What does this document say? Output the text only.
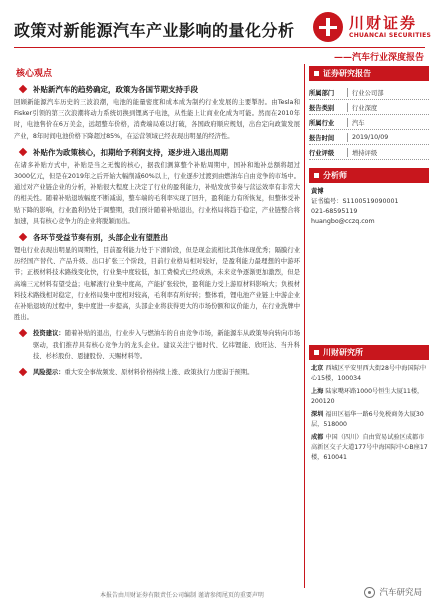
政策对新能源汽车产业影响的量化分析	川财证券
CHUANCAI SECURITIES
——汽车行业深度报告
核心观点
补贴新汽车的趋势确定，政策为各国节期支持手段

回顾新能源汽车历史的三波浪潮，电池的能量密度和成本成为制约行业发展的主要掣肘。由Tesla和Fisker引领的第三次浪潮将动力系统切换到锂离子电池，从性能上让商业化成为可能。然而在2010年时，电池售价在6万美金，远超整车价格，消费端局难以打破，各国政府顺应规划，出台定向政策发展产业，8年时间电池价格下降超过85%，在运营领域已经表现出明显的经济性。

补贴作为政策核心，扣期给予利润支持，逐步进入退出周期

在诸多补贴方式中，补贴是当之无愧的核心，据我们测算整个补贴周期中，国补和地补总额将超过3000亿元，但是在2019年之后开始大幅削减60%以上，行业逐步过渡到由燃油车自由竞争的市场中。通过对产业链企业的分析，补贴很大程度上决定了行业的盈利能力，补贴发放节奏与营运效率有非常大的相关性。随着补贴退坡幅度不断减弱，整车端的毛利率实现了回升，盈利能力有所恢复，但整体受补贴下降的影响，行业盈利仍处于调整期，我们预计随着补贴退出，行业格局将趋于稳定，产业链整合将加速，具有核心竞争力的企业将脱颖而出。

各环节受益节奏有别，头部企业有望胜出

锂电行业表现出明显的周期性，目前盈利能力处于下滑阶段，但是现金流相比其他体现优秀；隔膜行业历经国产替代、产品升级、出口扩张三个阶段，目前行业格局相对较好，是盈利能力最理想的中游环节；正极材料技术路线变化快，行业集中度较低，加工费模式已经成熟，未来竞争逐渐更加激烈，但是高端三元材料有望受益；电解液行业集中度高，产能扩张较快，盈利能力受上游原材料影响大；负极材料技术路线相对稳定，行业格局集中度相对较高，毛利率有所好转；整体看，锂电池产业链上中游企业在补贴退坡的过程中，集中度进一步提高，头部企业将获得更大的市场份额和议价能力，在行业洗牌中胜出。

投资建议：随着补贴的退出，行业步入与燃油车的自由竞争市场，新能源车从政策导向转向市场驱动，我们推荐具有核心竞争力的龙头企业。建议关注宁德时代、亿纬锂能、欣旺达、当升科技、杉杉股份、恩捷股份、天赐材料等。

风险提示：重大安全事故频发、原材料价格持续上涨、政策执行力度弱于预期。

证券研究报告
所属部门	行业公司部
报告类别	行业深度
所属行业	汽车
报告时间	2019/10/09
行业评级	增持评级
分析师
黄博
证书编号：S1100519090001
021-68595119
huangbo@cczq.com
川财研究所
北京 西城区平安里西大街28号中海国际中心15楼，100034
上海 陆家嘴环路1000号恒生大厦11楼，200120
深圳 福田区福华一路6号免税商务大厦30层，518000
成都 中国（四川）自由贸易试验区成都市高新区交子大道177号中海国际中心B座17楼，610041
本报告由川财证券有限责任公司编制 谨请参阅尾页的重要声明	汽车研究局
